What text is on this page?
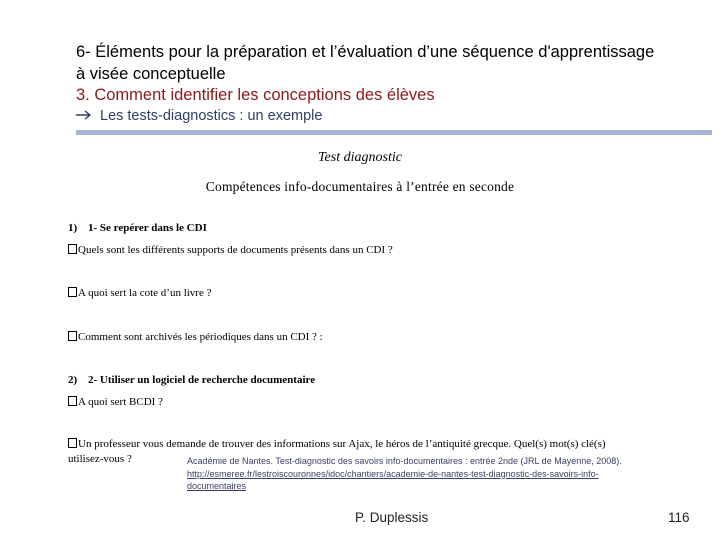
6- Éléments pour la préparation et l’évaluation d’une séquence d'apprentissage
à visée conceptuelle
3. Comment identifier les conceptions des élèves
Les tests-diagnostics : un exemple
Test diagnostic
Compétences info-documentaires à l’entrée en seconde
1) 1- Se repérer dans le CDI
Quels sont les différents supports de documents présents dans un CDI ?
A quoi sert la cote d’un livre ?
Comment sont archivés les périodiques dans un CDI ? :
2) 2- Utiliser un logiciel de recherche documentaire
A quoi sert BCDI ?
Un professeur vous demande de trouver des informations sur Ajax, le héros de l’antiquité grecque. Quel(s) mot(s) clé(s)
utilisez-vous ?	Académie de Nantes. Test-diagnostic des savoirs info-documentaires : entrée 2nde (JRL de Mayenne, 2008). http://esmeree.fr/lestroiscouronnes/idoc/chantiers/academie-de-nantes-test-diagnostic-des-savoirs-info-documentaires
P. Duplessis	116
